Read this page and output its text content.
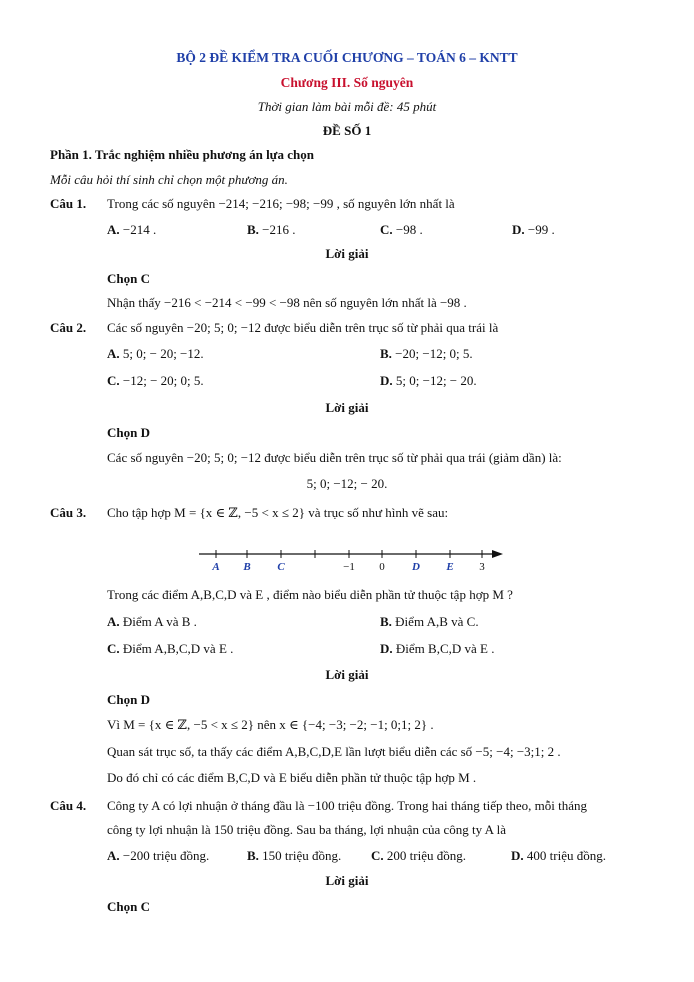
BỘ 2 ĐỀ KIỂM TRA CUỐI CHƯƠNG – TOÁN 6 – KNTT
Chương III. Số nguyên
Thời gian làm bài mỗi đề: 45 phút
ĐỀ SỐ 1
Phần 1. Trắc nghiệm nhiều phương án lựa chọn
Mỗi câu hỏi thí sinh chỉ chọn một phương án.
Câu 1. Trong các số nguyên −214; −216; −98; −99 , số nguyên lớn nhất là
A. −214 .	B. −216 .	C. −98 .	D. −99 .
Lời giải
Chọn C
Nhận thấy −216 < −214 < −99 < −98 nên số nguyên lớn nhất là −98 .
Câu 2. Các số nguyên −20; 5; 0; −12 được biểu diễn trên trục số từ phải qua trái là
A. 5; 0; − 20; −12.	B. −20; −12; 0; 5.
C. −12; − 20; 0; 5.	D. 5; 0; −12; − 20.
Lời giải
Chọn D
Các số nguyên −20; 5; 0; −12 được biểu diễn trên trục số từ phải qua trái (giảm dần) là:
5; 0; −12; − 20.
Câu 3. Cho tập hợp M = {x ∈ ℤ, −5 < x ≤ 2} và trục số như hình vẽ sau:
A B C	−1 0 D E 3
Trong các điểm A,B,C,D và E , điểm nào biểu diễn phần tử thuộc tập hợp M ?
A. Điểm A và B .	B. Điểm A,B và C.
C. Điểm A,B,C,D và E .	D. Điểm B,C,D và E .
Lời giải
Chọn D
Vì M = {x ∈ ℤ, −5 < x ≤ 2} nên x ∈ {−4; −3; −2; −1; 0;1; 2} .
Quan sát trục số, ta thấy các điểm A,B,C,D,E lần lượt biểu diễn các số −5; −4; −3;1; 2 .
Do đó chỉ có các điểm B,C,D và E biểu diễn phần tử thuộc tập hợp M .
Câu 4. Công ty A có lợi nhuận ở tháng đầu là −100 triệu đồng. Trong hai tháng tiếp theo, mỗi tháng
công ty lợi nhuận là 150 triệu đồng. Sau ba tháng, lợi nhuận của công ty A là
A. −200 triệu đồng.	B. 150 triệu đồng. C. 200 triệu đồng.	D. 400 triệu đồng.
Lời giải
Chọn C
